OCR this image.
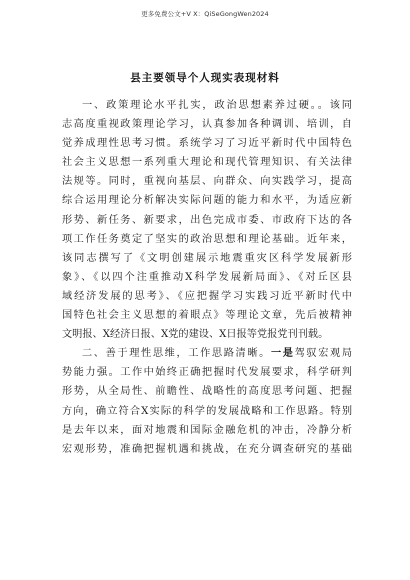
更多免费公文+V X：QiSeGongWen2024
县主要领导个人现实表现材料
一、政策理论水平扎实，政治思想素养过硬。。该同
志高度重视政策理论学习，认真参加各种调训、培训，自
觉养成理性思考习惯。系统学习了习近平新时代中国特色
社会主义思想一系列重大理论和现代管理知识、有关法律
法规等。同时，重视向基层、向群众、向实践学习，提高
综合运用理论分析解决实际问题的能力和水平，为适应新
形势、新任务、新要求，出色完成市委、市政府下达的各
项工作任务奠定了坚实的政治思想和理论基础。近年来，
该同志撰写了《文明创建展示地震重灾区科学发展新形
象》、《以四个注重推动X科学发展新局面》、《对丘区县
域经济发展的思考》、《应把握学习实践习近平新时代中
国特色社会主义思想的着眼点》等理论文章，先后被精神
文明报、X经济日报、X党的建设、X日报等党报党刊刊载。
二、善于理性思维，工作思路清晰。一是驾驭宏观局
势能力强。工作中始终正确把握时代发展要求，科学研判
形势，从全局性、前瞻性、战略性的高度思考问题、把握
方向，确立符合X实际的科学的发展战略和工作思路。特别
是去年以来，面对地震和国际金融危机的冲击，冷静分析
宏观形势，准确把握机遇和挑战，在充分调查研究的基础
